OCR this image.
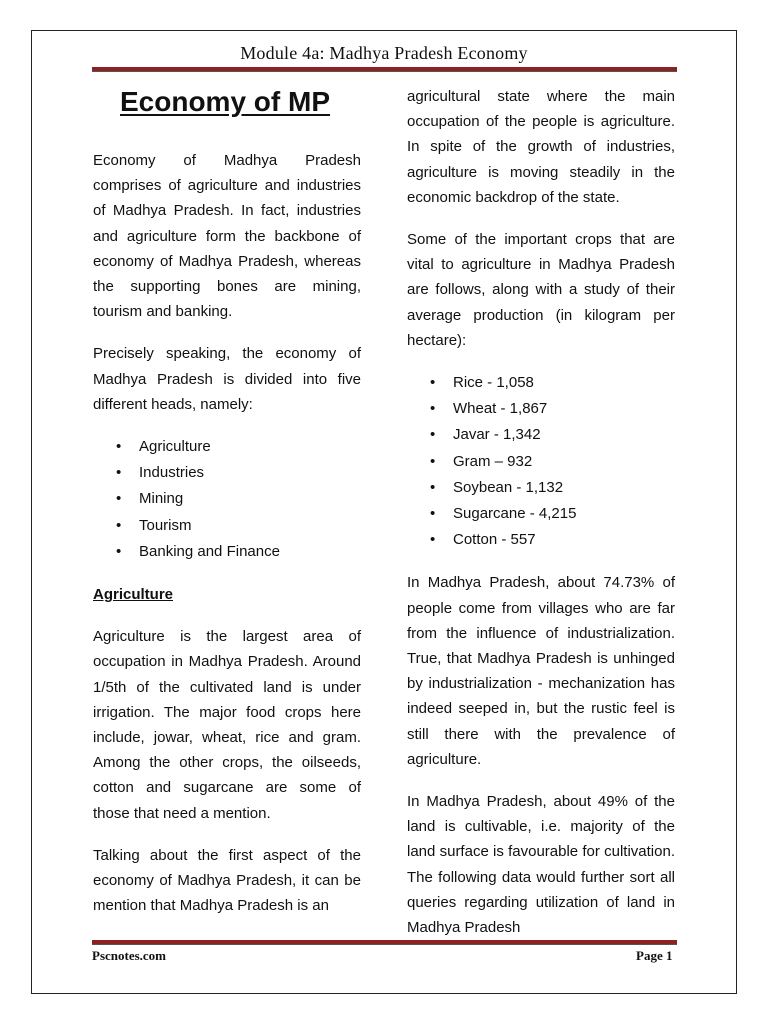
Module 4a: Madhya Pradesh Economy
Economy of MP

Economy of Madhya Pradesh comprises of agriculture and industries of Madhya Pradesh. In fact, industries and agriculture form the backbone of economy of Madhya Pradesh, whereas the supporting bones are mining, tourism and banking.

Precisely speaking, the economy of Madhya Pradesh is divided into five different heads, namely:

• Agriculture
• Industries
• Mining
• Tourism
• Banking and Finance
Agriculture

Agriculture is the largest area of occupation in Madhya Pradesh. Around 1/5th of the cultivated land is under irrigation. The major food crops here include, jowar, wheat, rice and gram. Among the other crops, the oilseeds, cotton and sugarcane are some of those that need a mention.

Talking about the first aspect of the economy of Madhya Pradesh, it can be mention that Madhya Pradesh is an

agricultural state where the main occupation of the people is agriculture. In spite of the growth of industries, agriculture is moving steadily in the economic backdrop of the state.

Some of the important crops that are vital to agriculture in Madhya Pradesh are follows, along with a study of their average production (in kilogram per hectare):

• Rice - 1,058
• Wheat - 1,867
• Javar - 1,342
• Gram – 932
• Soybean - 1,132
• Sugarcane - 4,215
• Cotton - 557

In Madhya Pradesh, about 74.73% of people come from villages who are far from the influence of industrialization. True, that Madhya Pradesh is unhinged by industrialization - mechanization has indeed seeped in, but the rustic feel is still there with the prevalence of agriculture.

In Madhya Pradesh, about 49% of the land is cultivable, i.e. majority of the land surface is favourable for cultivation. The following data would further sort all queries regarding utilization of land in Madhya Pradesh

Pscnotes.com	Page 1
